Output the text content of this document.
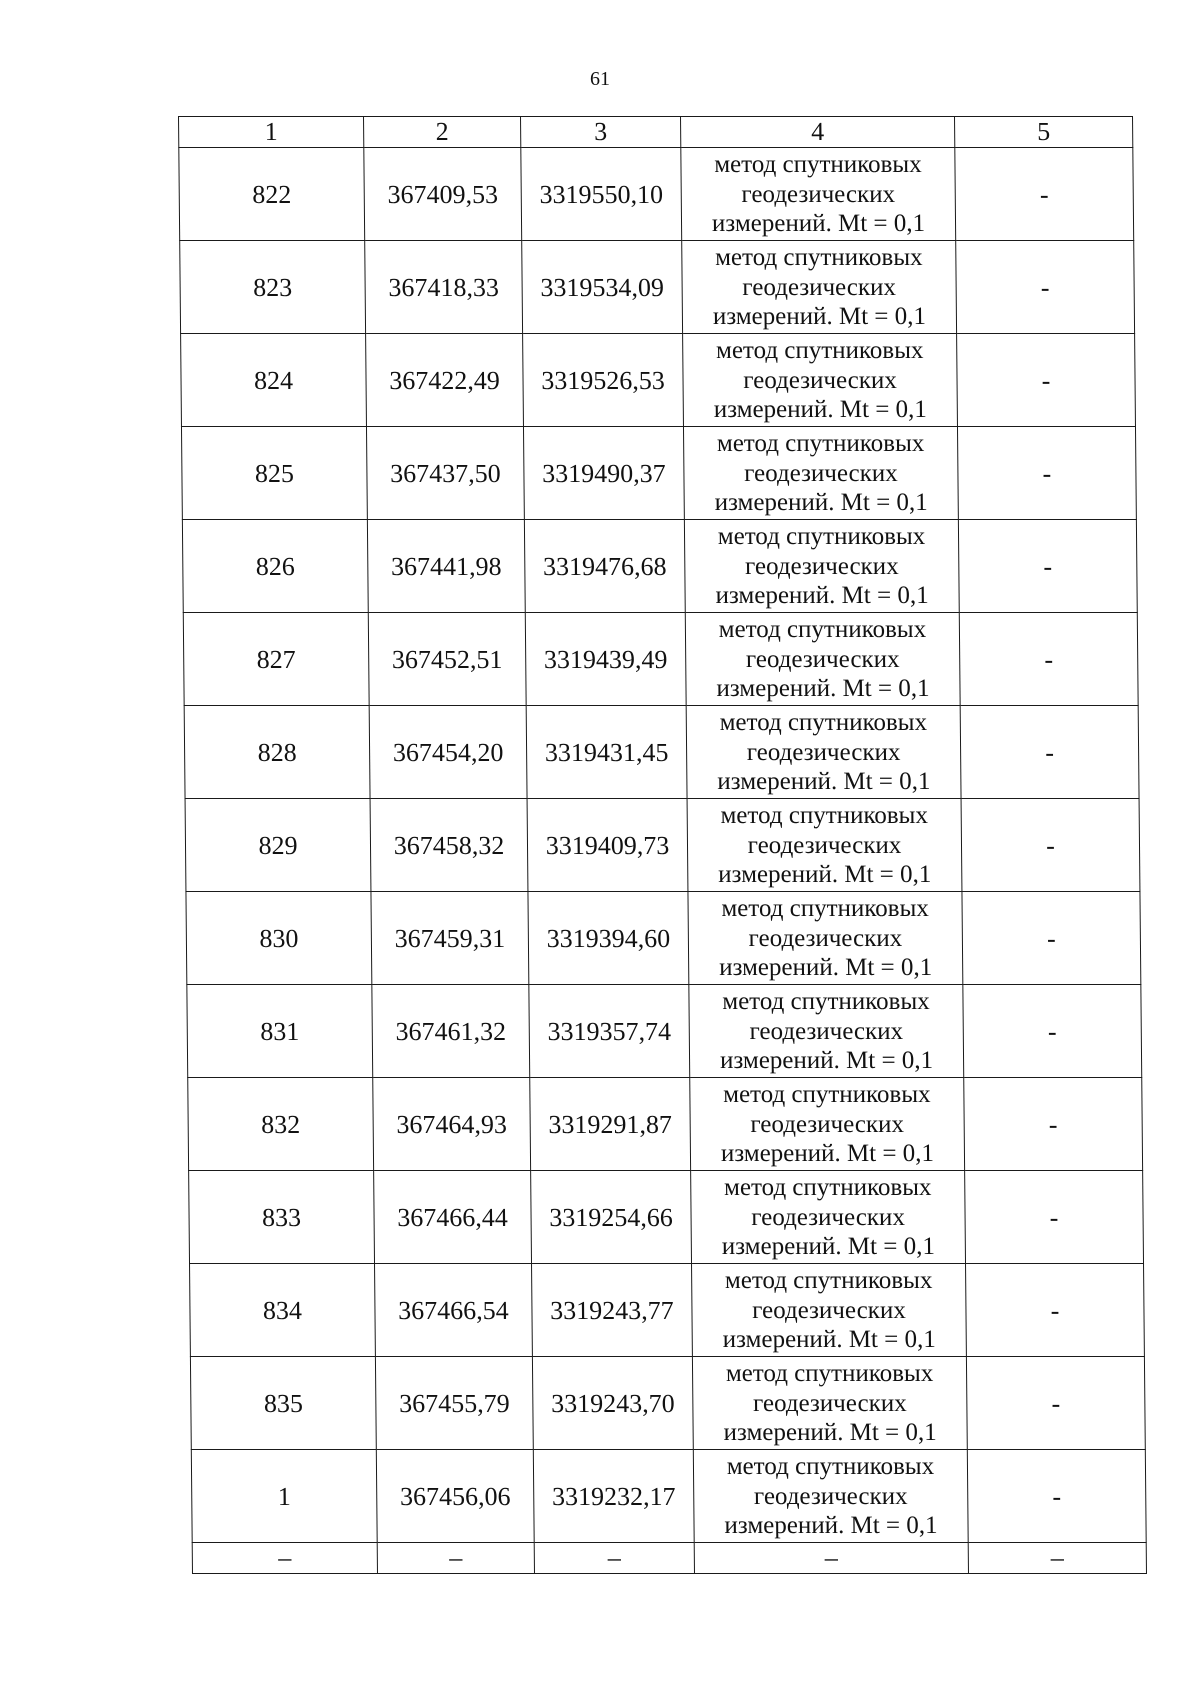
61
1	2	3	4	5
822	367409,53	3319550,10	метод спутниковых
геодезических
измерений. Mt = 0,1	-
823	367418,33	3319534,09	метод спутниковых
геодезических
измерений. Mt = 0,1	-
824	367422,49	3319526,53	метод спутниковых
геодезических
измерений. Mt = 0,1	-
825	367437,50	3319490,37	метод спутниковых
геодезических
измерений. Mt = 0,1	-
826	367441,98	3319476,68	метод спутниковых
геодезических
измерений. Mt = 0,1	-
827	367452,51	3319439,49	метод спутниковых
геодезических
измерений. Mt = 0,1	-
828	367454,20	3319431,45	метод спутниковых
геодезических
измерений. Mt = 0,1	-
829	367458,32	3319409,73	метод спутниковых
геодезических
измерений. Mt = 0,1	-
830	367459,31	3319394,60	метод спутниковых
геодезических
измерений. Mt = 0,1	-
831	367461,32	3319357,74	метод спутниковых
геодезических
измерений. Mt = 0,1	-
832	367464,93	3319291,87	метод спутниковых
геодезических
измерений. Mt = 0,1	-
833	367466,44	3319254,66	метод спутниковых
геодезических
измерений. Mt = 0,1	-
834	367466,54	3319243,77	метод спутниковых
геодезических
измерений. Mt = 0,1	-
835	367455,79	3319243,70	метод спутниковых
геодезических
измерений. Mt = 0,1	-
1	367456,06	3319232,17	метод спутниковых
геодезических
измерений. Mt = 0,1	-
–	–	–	–	–
